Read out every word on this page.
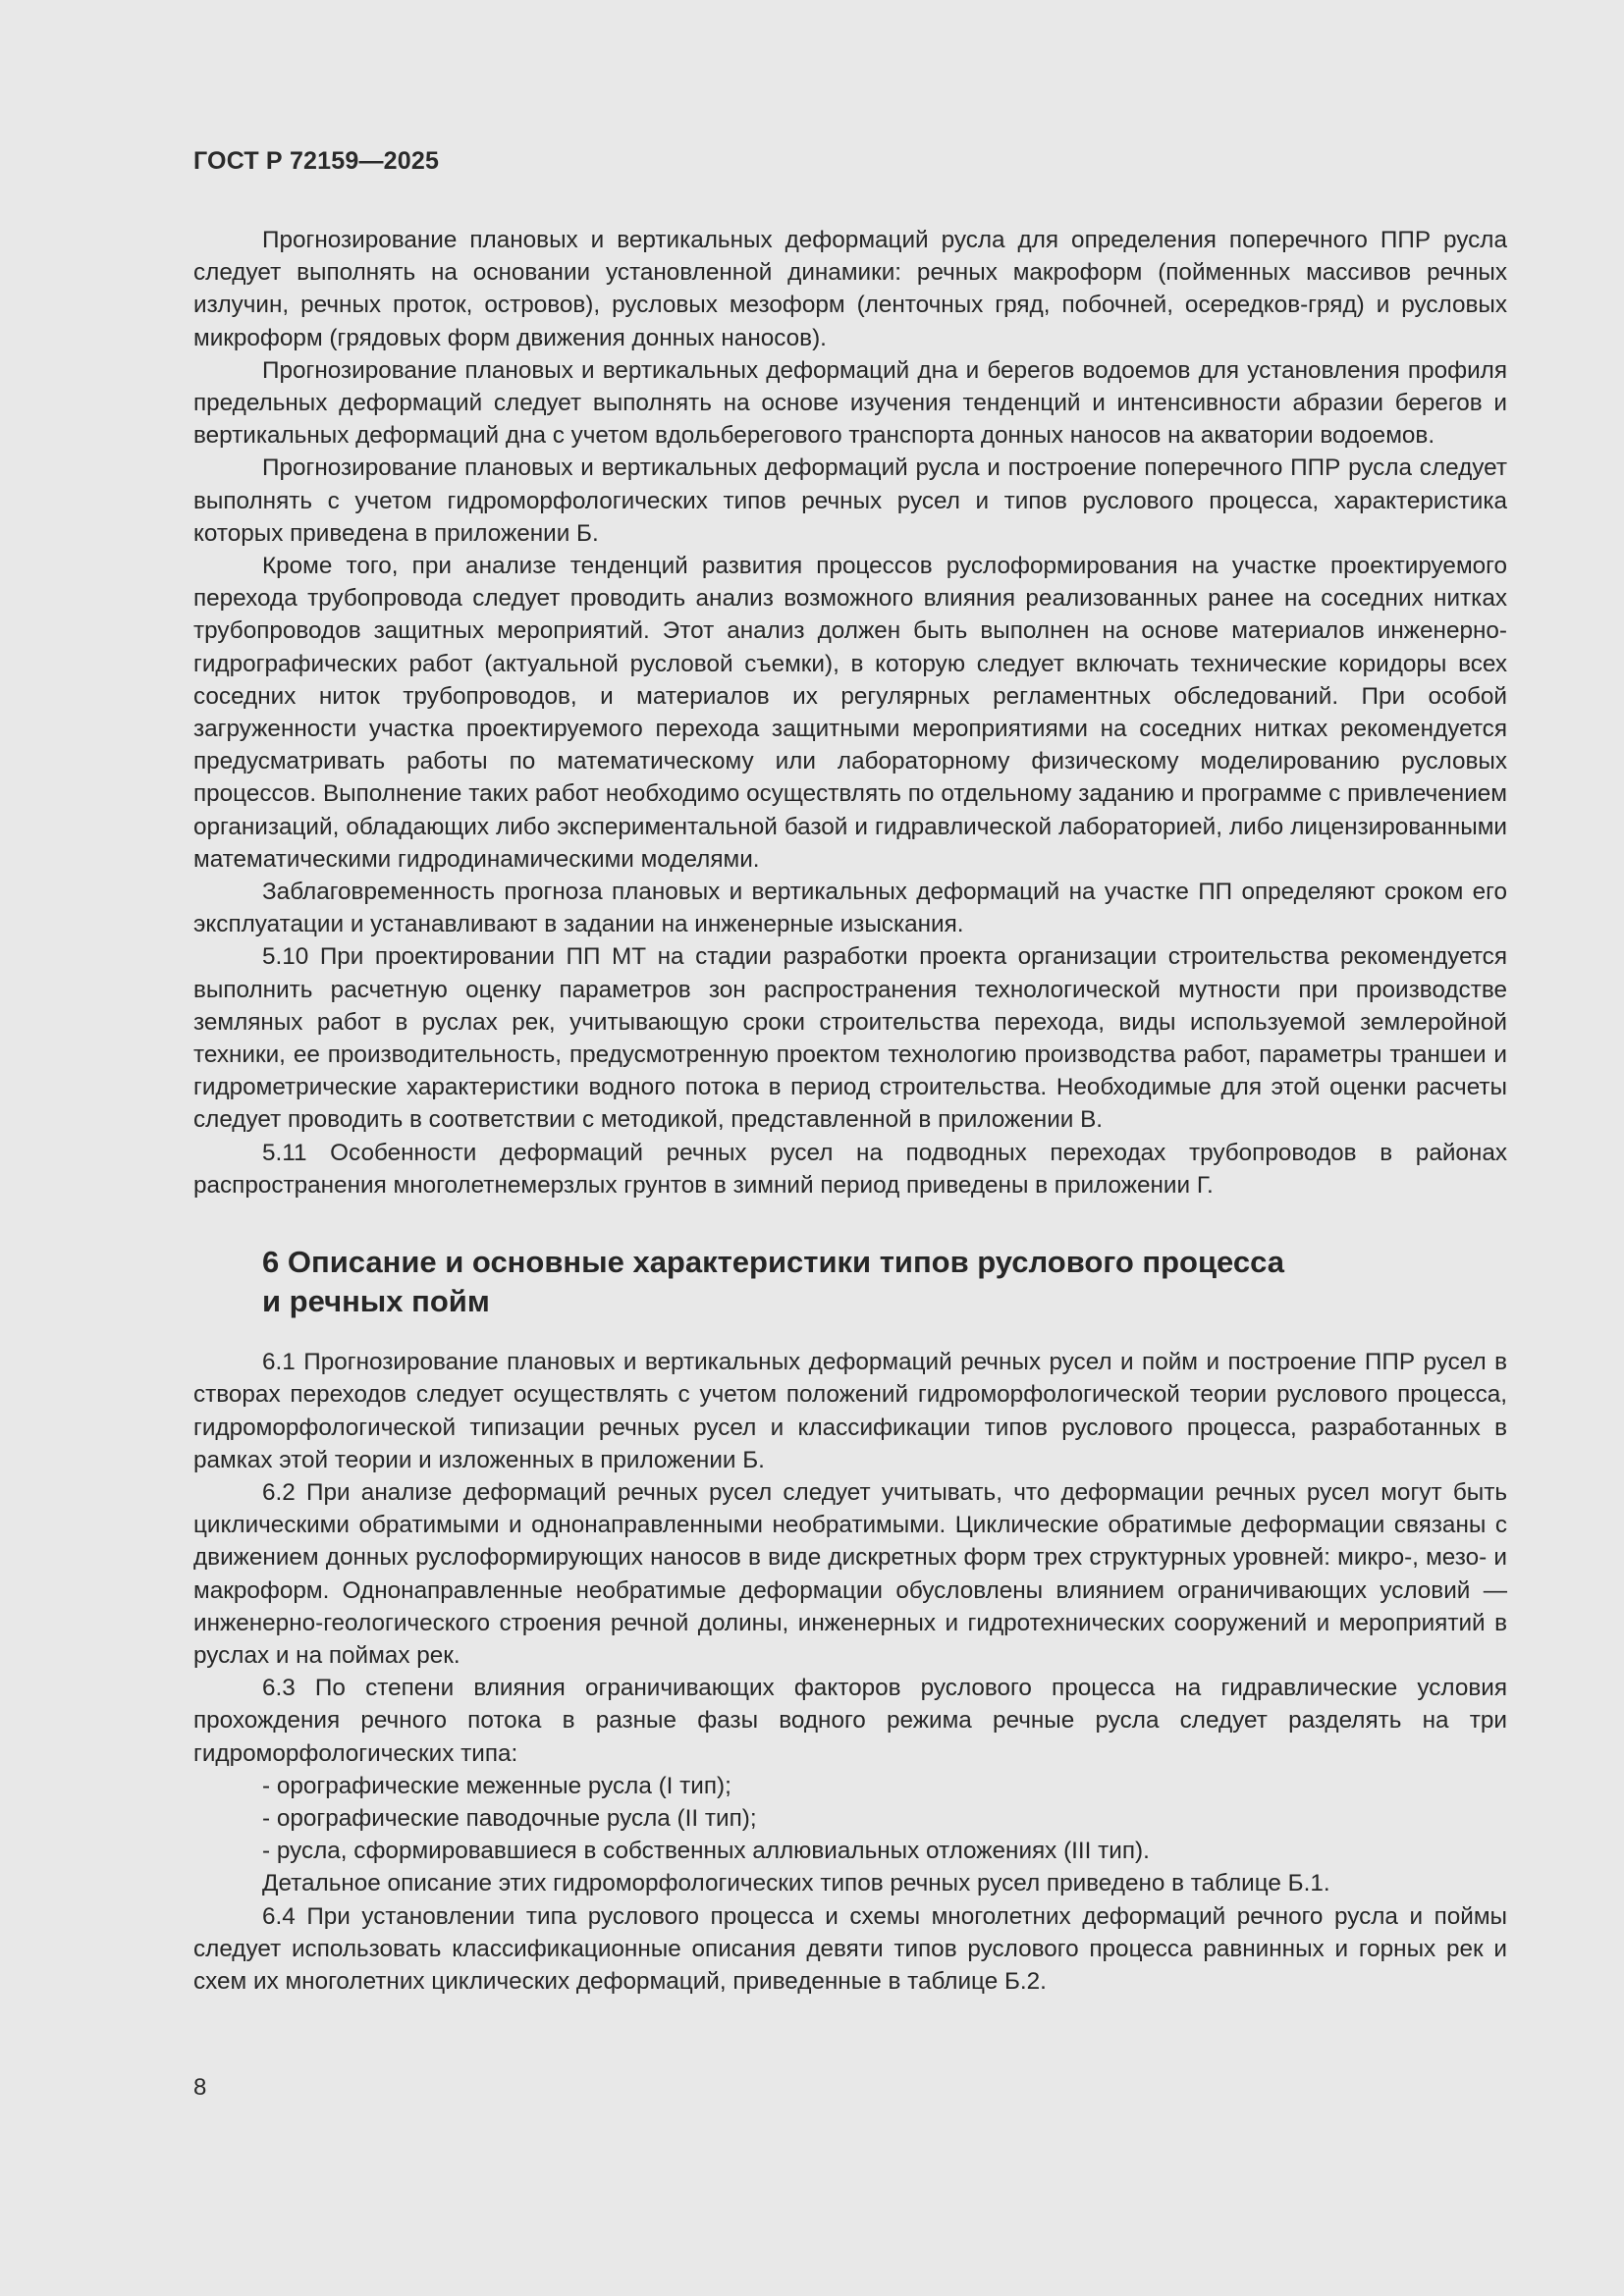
ГОСТ Р 72159—2025

Прогнозирование плановых и вертикальных деформаций русла для определения поперечного ППР русла следует выполнять на основании установленной динамики: речных макроформ (пойменных массивов речных излучин, речных проток, островов), русловых мезоформ (ленточных гряд, побочней, осередков-гряд) и русловых микроформ (грядовых форм движения донных наносов).

Прогнозирование плановых и вертикальных деформаций дна и берегов водоемов для установления профиля предельных деформаций следует выполнять на основе изучения тенденций и интенсивности абразии берегов и вертикальных деформаций дна с учетом вдольберегового транспорта донных наносов на акватории водоемов.

Прогнозирование плановых и вертикальных деформаций русла и построение поперечного ППР русла следует выполнять с учетом гидроморфологических типов речных русел и типов руслового процесса, характеристика которых приведена в приложении Б.

Кроме того, при анализе тенденций развития процессов руслоформирования на участке проектируемого перехода трубопровода следует проводить анализ возможного влияния реализованных ранее на соседних нитках трубопроводов защитных мероприятий. Этот анализ должен быть выполнен на основе материалов инженерно-гидрографических работ (актуальной русловой съемки), в которую следует включать технические коридоры всех соседних ниток трубопроводов, и материалов их регулярных регламентных обследований. При особой загруженности участка проектируемого перехода защитными мероприятиями на соседних нитках рекомендуется предусматривать работы по математическому или лабораторному физическому моделированию русловых процессов. Выполнение таких работ необходимо осуществлять по отдельному заданию и программе с привлечением организаций, обладающих либо экспериментальной базой и гидравлической лабораторией, либо лицензированными математическими гидродинамическими моделями.

Заблаговременность прогноза плановых и вертикальных деформаций на участке ПП определяют сроком его эксплуатации и устанавливают в задании на инженерные изыскания.

5.10 При проектировании ПП МТ на стадии разработки проекта организации строительства рекомендуется выполнить расчетную оценку параметров зон распространения технологической мутности при производстве земляных работ в руслах рек, учитывающую сроки строительства перехода, виды используемой землеройной техники, ее производительность, предусмотренную проектом технологию производства работ, параметры траншеи и гидрометрические характеристики водного потока в период строительства. Необходимые для этой оценки расчеты следует проводить в соответствии с методикой, представленной в приложении В.

5.11 Особенности деформаций речных русел на подводных переходах трубопроводов в районах распространения многолетнемерзлых грунтов в зимний период приведены в приложении Г.

6 Описание и основные характеристики типов руслового процесса
и речных пойм

6.1 Прогнозирование плановых и вертикальных деформаций речных русел и пойм и построение ППР русел в створах переходов следует осуществлять с учетом положений гидроморфологической теории руслового процесса, гидроморфологической типизации речных русел и классификации типов руслового процесса, разработанных в рамках этой теории и изложенных в приложении Б.

6.2 При анализе деформаций речных русел следует учитывать, что деформации речных русел могут быть циклическими обратимыми и однонаправленными необратимыми. Циклические обратимые деформации связаны с движением донных руслоформирующих наносов в виде дискретных форм трех структурных уровней: микро-, мезо- и макроформ. Однонаправленные необратимые деформации обусловлены влиянием ограничивающих условий — инженерно-геологического строения речной долины, инженерных и гидротехнических сооружений и мероприятий в руслах и на поймах рек.

6.3 По степени влияния ограничивающих факторов руслового процесса на гидравлические условия прохождения речного потока в разные фазы водного режима речные русла следует разделять на три гидроморфологических типа:

- орографические меженные русла (I тип);

- орографические паводочные русла (II тип);

- русла, сформировавшиеся в собственных аллювиальных отложениях (III тип).

Детальное описание этих гидроморфологических типов речных русел приведено в таблице Б.1.

6.4 При установлении типа руслового процесса и схемы многолетних деформаций речного русла и поймы следует использовать классификационные описания девяти типов руслового процесса равнинных и горных рек и схем их многолетних циклических деформаций, приведенные в таблице Б.2.

8
